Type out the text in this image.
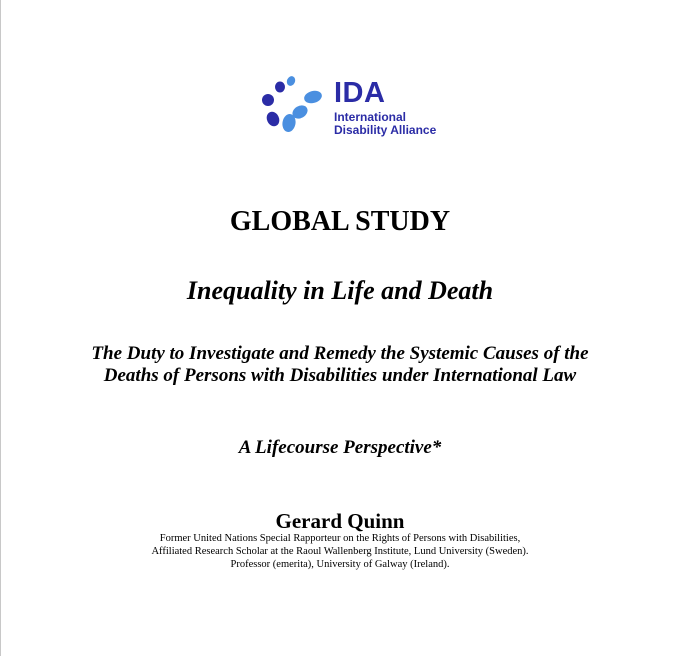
IDA
International
Disability Alliance
GLOBAL STUDY
Inequality in Life and Death
The Duty to Investigate and Remedy the Systemic Causes of the Deaths of Persons with Disabilities under International Law
A Lifecourse Perspective*
Gerard Quinn
Former United Nations Special Rapporteur on the Rights of Persons with Disabilities,
Affiliated Research Scholar at the Raoul Wallenberg Institute, Lund University (Sweden).
Professor (emerita), University of Galway (Ireland).
